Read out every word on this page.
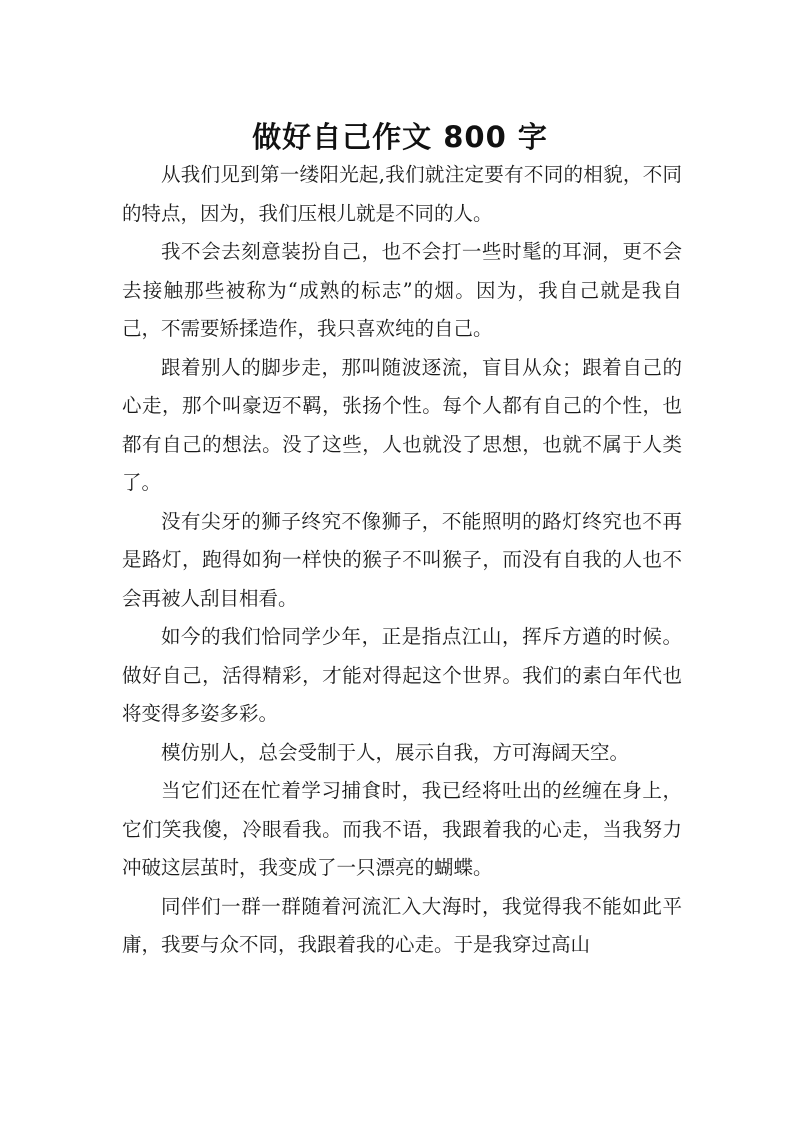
做好自己作文 800 字

从我们见到第一缕阳光起,我们就注定要有不同的相貌，不同的特点，因为，我们压根儿就是不同的人。

我不会去刻意装扮自己，也不会打一些时髦的耳洞，更不会去接触那些被称为“成熟的标志”的烟。因为，我自己就是我自己，不需要矫揉造作，我只喜欢纯的自己。

跟着别人的脚步走，那叫随波逐流，盲目从众；跟着自己的心走，那个叫豪迈不羁，张扬个性。每个人都有自己的个性，也都有自己的想法。没了这些，人也就没了思想，也就不属于人类了。

没有尖牙的狮子终究不像狮子，不能照明的路灯终究也不再是路灯，跑得如狗一样快的猴子不叫猴子，而没有自我的人也不会再被人刮目相看。

如今的我们恰同学少年，正是指点江山，挥斥方遒的时候。做好自己，活得精彩，才能对得起这个世界。我们的素白年代也将变得多姿多彩。

模仿别人，总会受制于人，展示自我，方可海阔天空。

当它们还在忙着学习捕食时，我已经将吐出的丝缠在身上，它们笑我傻，冷眼看我。而我不语，我跟着我的心走，当我努力冲破这层茧时，我变成了一只漂亮的蝴蝶。

同伴们一群一群随着河流汇入大海时，我觉得我不能如此平庸，我要与众不同，我跟着我的心走。于是我穿过高山
